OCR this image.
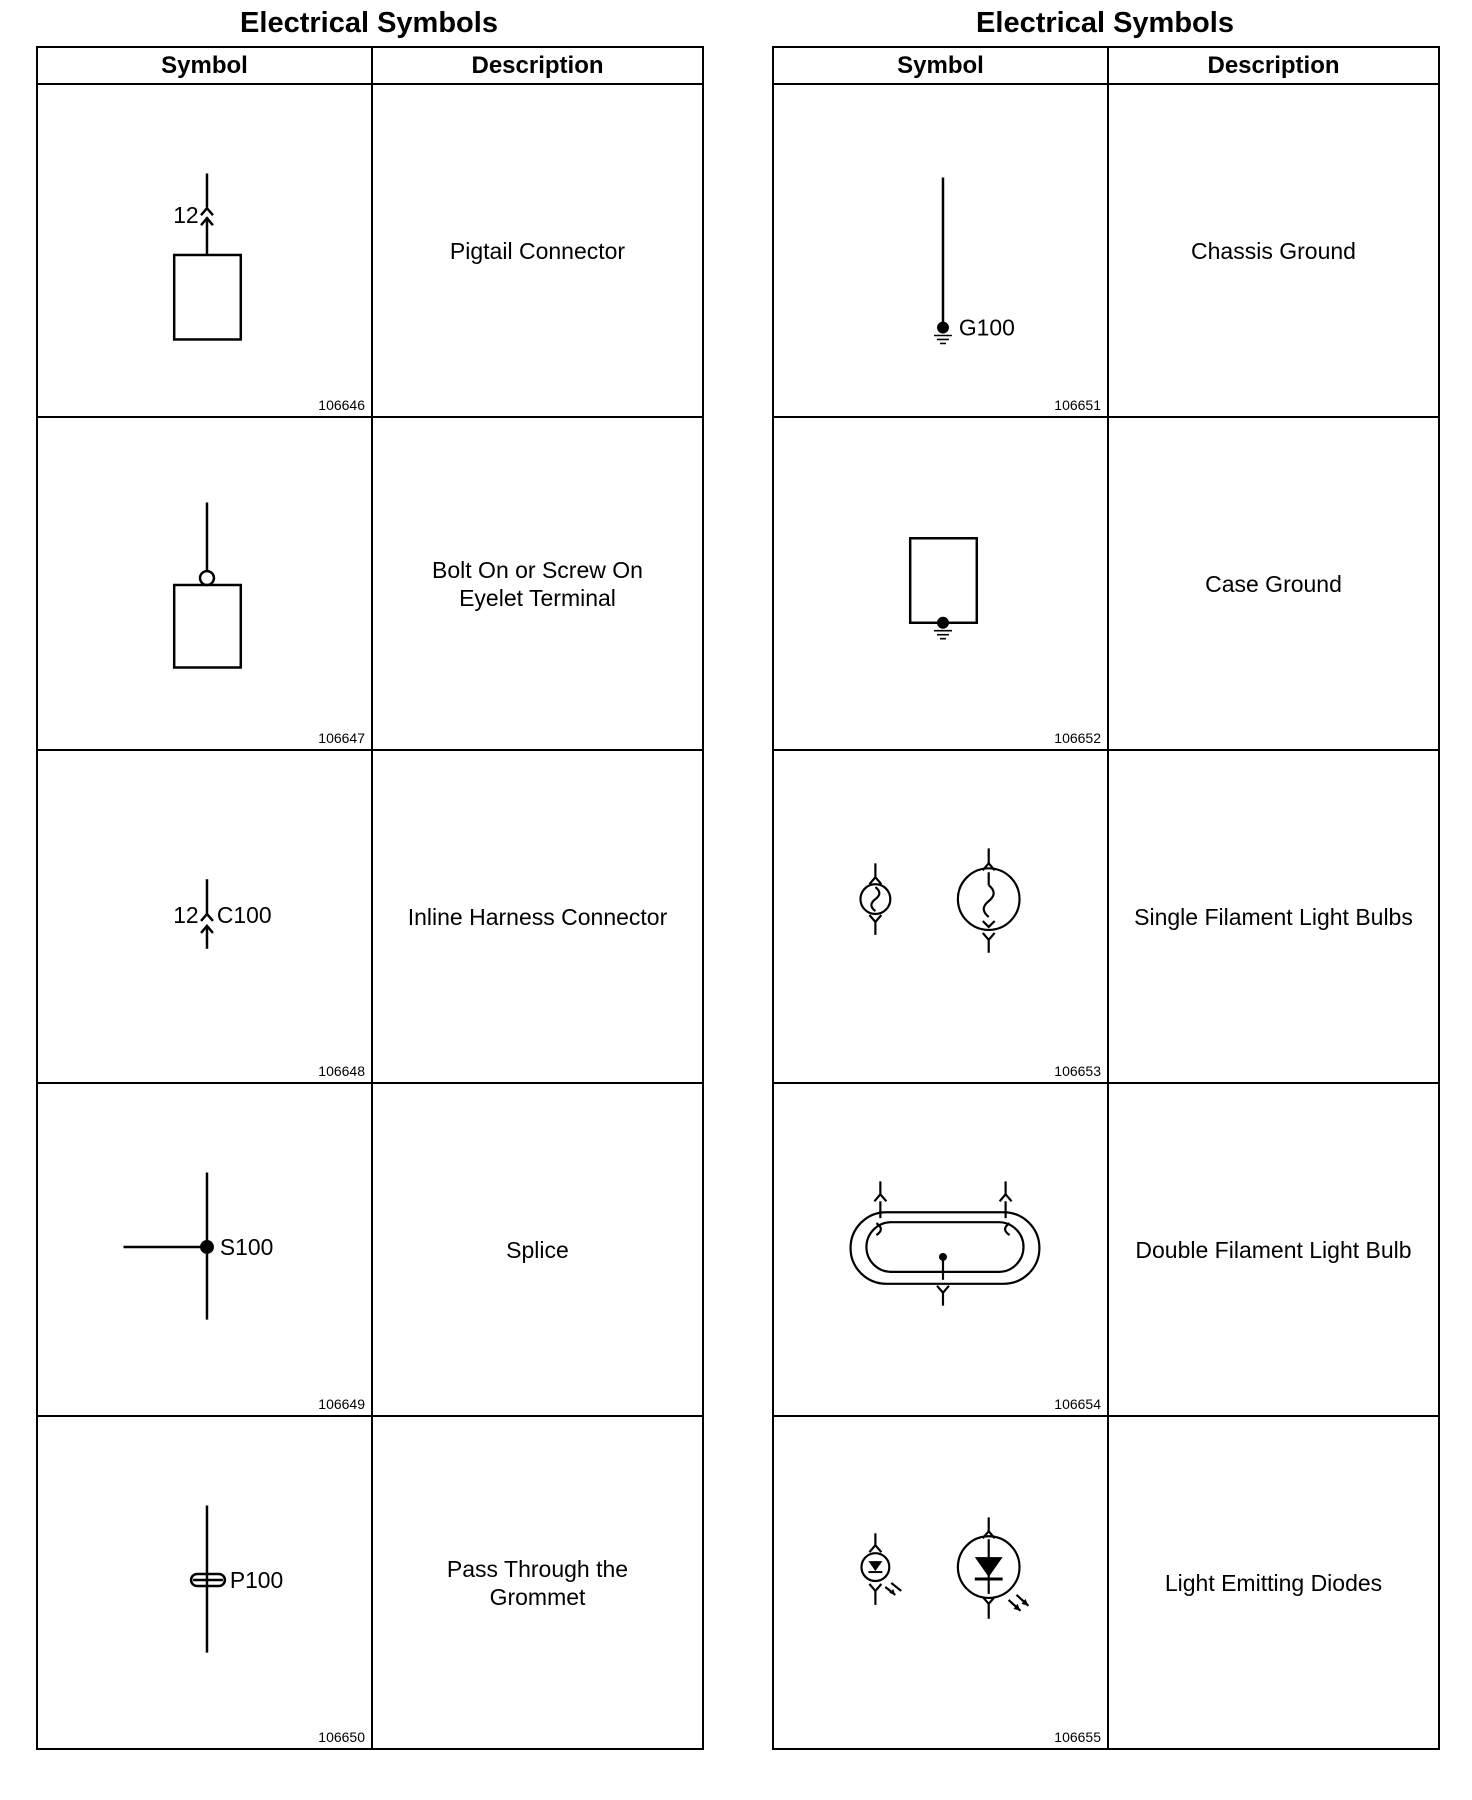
Electrical Symbols
Symbol	Description

12
106646	Pigtail Connector

106647	Bolt On or Screw On
Eyelet Terminal

12 C100
106648	Inline Harness Connector

S100
106649	Splice

P100
106650	Pass Through the
Grommet
Electrical Symbols
Symbol	Description

G100
106651	Chassis Ground

106652	Case Ground

106653	Single Filament Light Bulbs

106654	Double Filament Light Bulb

106655	Light Emitting Diodes
